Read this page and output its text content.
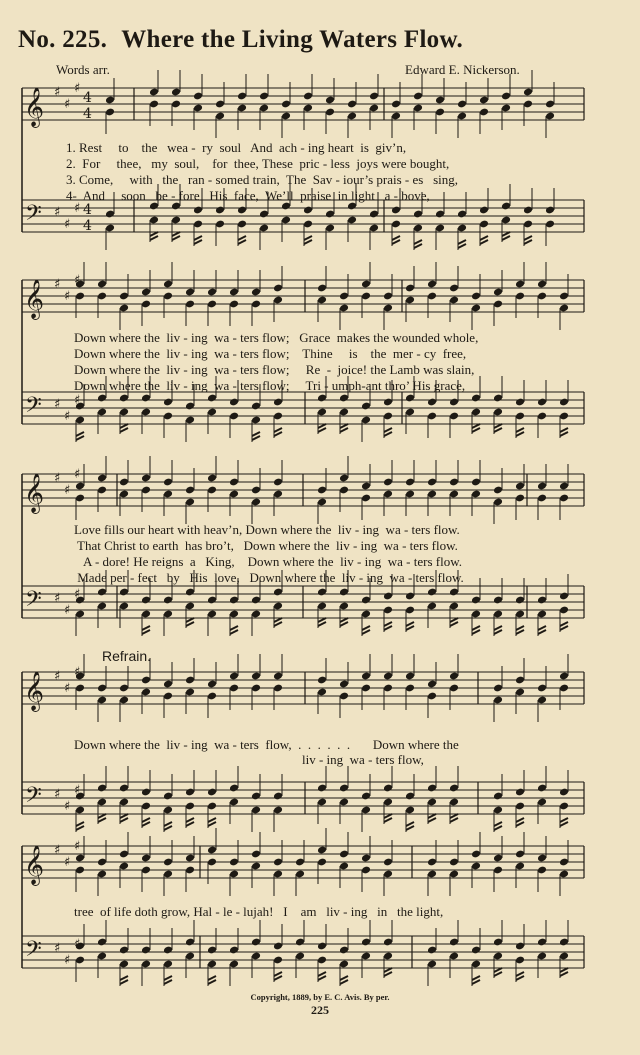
No. 225. Where the Living Waters Flow.
Words arr.	Edward E. Nickerson.
𝄞
𝄢
♯
♯
♯
♯
♯
♯
4
4
4
4
𝄞
𝄢
♯
♯
♯
♯
♯
♯
𝄞
𝄢
♯
♯
♯
♯
♯
♯
𝄞
𝄢
♯
♯
♯
♯
♯
♯
𝄞
𝄢
♯
♯
♯
♯
♯
♯
1. Rest     to    the   wea -  ry  soul   And  ach - ing heart  is  giv’n,
2.  For     thee,   my  soul,    for  thee, These  pric - less  joys were bought,
3. Come,     with   the   ran - somed train,  The  Sav - iour’s prais - es   sing,
4-  And     soon   be - fore   His  face,  We’ll  praise  in light   a - bove,
Down where the  liv - ing  wa - ters flow;   Grace  makes the wounded whole,
Down where the  liv - ing  wa - ters flow;    Thine     is    the  mer - cy  free,
Down where the  liv - ing  wa - ters flow;     Re  -  joice! the Lamb was slain,
Down where the  liv - ing  wa - ters flow;     Tri - umph-ant thro’ His grace,
Love fills our heart with heav’n, Down where the  liv - ing  wa - ters flow.
That Christ to earth  has bro’t,   Down where the  liv - ing  wa - ters flow.
A - dore! He reigns  a   King,    Down where the  liv - ing  wa - ters flow.
Made per - fect   by   His  love,   Down where the  liv - ing  wa - ters flow.
Refrain.
Down where the  liv - ing  wa - ters  flow,  .  .  .  .  .  .       Down where the
liv - ing  wa - ters flow,
tree  of life doth grow, Hal - le - lujah!   I    am   liv - ing   in   the light,
Copyright, 1889, by E. C. Avis. By per.
225
